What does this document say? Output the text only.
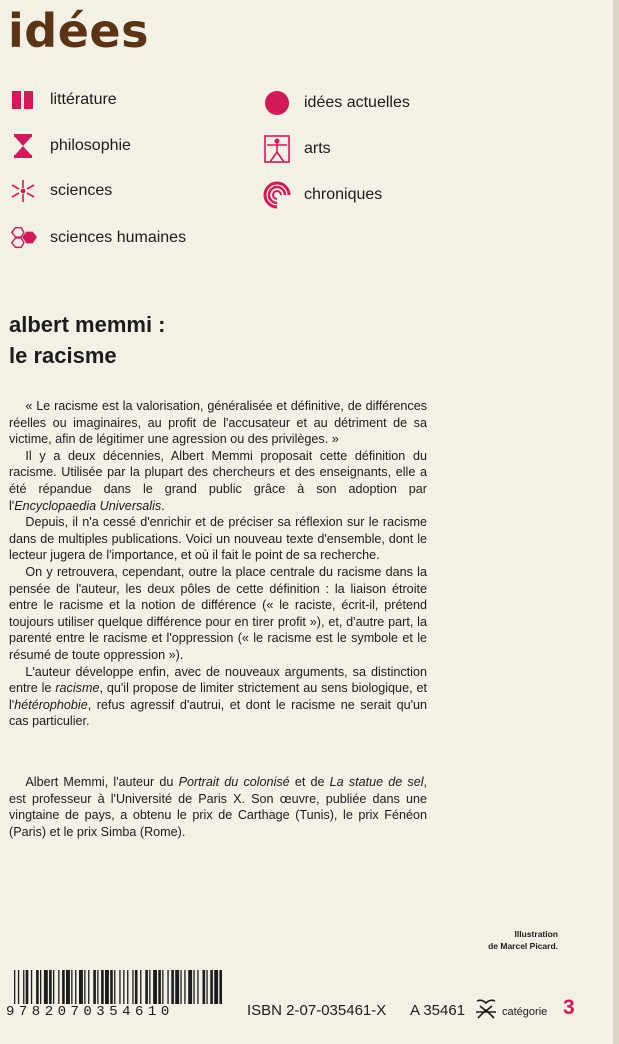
idées
littérature
philosophie
sciences
sciences humaines
idées actuelles
arts
chroniques
albert memmi :
le racisme

« Le racisme est la valorisation, généralisée et définitive, de différences réelles ou imaginaires, au profit de l'accusateur et au détriment de sa victime, afin de légitimer une agression ou des privilèges. »

Il y a deux décennies, Albert Memmi proposait cette définition du racisme. Utilisée par la plupart des chercheurs et des enseignants, elle a été répandue dans le grand public grâce à son adoption par l'Encyclopaedia Universalis.

Depuis, il n'a cessé d'enrichir et de préciser sa réflexion sur le racisme dans de multiples publications. Voici un nouveau texte d'ensemble, dont le lecteur jugera de l'importance, et où il fait le point de sa recherche.

On y retrouvera, cependant, outre la place centrale du racisme dans la pensée de l'auteur, les deux pôles de cette définition : la liaison étroite entre le racisme et la notion de différence (« le raciste, écrit-il, prétend toujours utiliser quelque différence pour en tirer profit »), et, d'autre part, la parenté entre le racisme et l'oppression (« le racisme est le symbole et le résumé de toute oppression »).

L'auteur développe enfin, avec de nouveaux arguments, sa distinction entre le racisme, qu'il propose de limiter strictement au sens biologique, et l'hétérophobie, refus agressif d'autrui, et dont le racisme ne serait qu'un cas particulier.

Albert Memmi, l'auteur du Portrait du colonisé et de La statue de sel, est professeur à l'Université de Paris X. Son œuvre, publiée dans une vingtaine de pays, a obtenu le prix de Carthage (Tunis), le prix Fénéon (Paris) et le prix Simba (Rome).

Illustration
de Marcel Picard.
9782070354610	ISBN 2-07-035461-X A 35461	catégorie 3
